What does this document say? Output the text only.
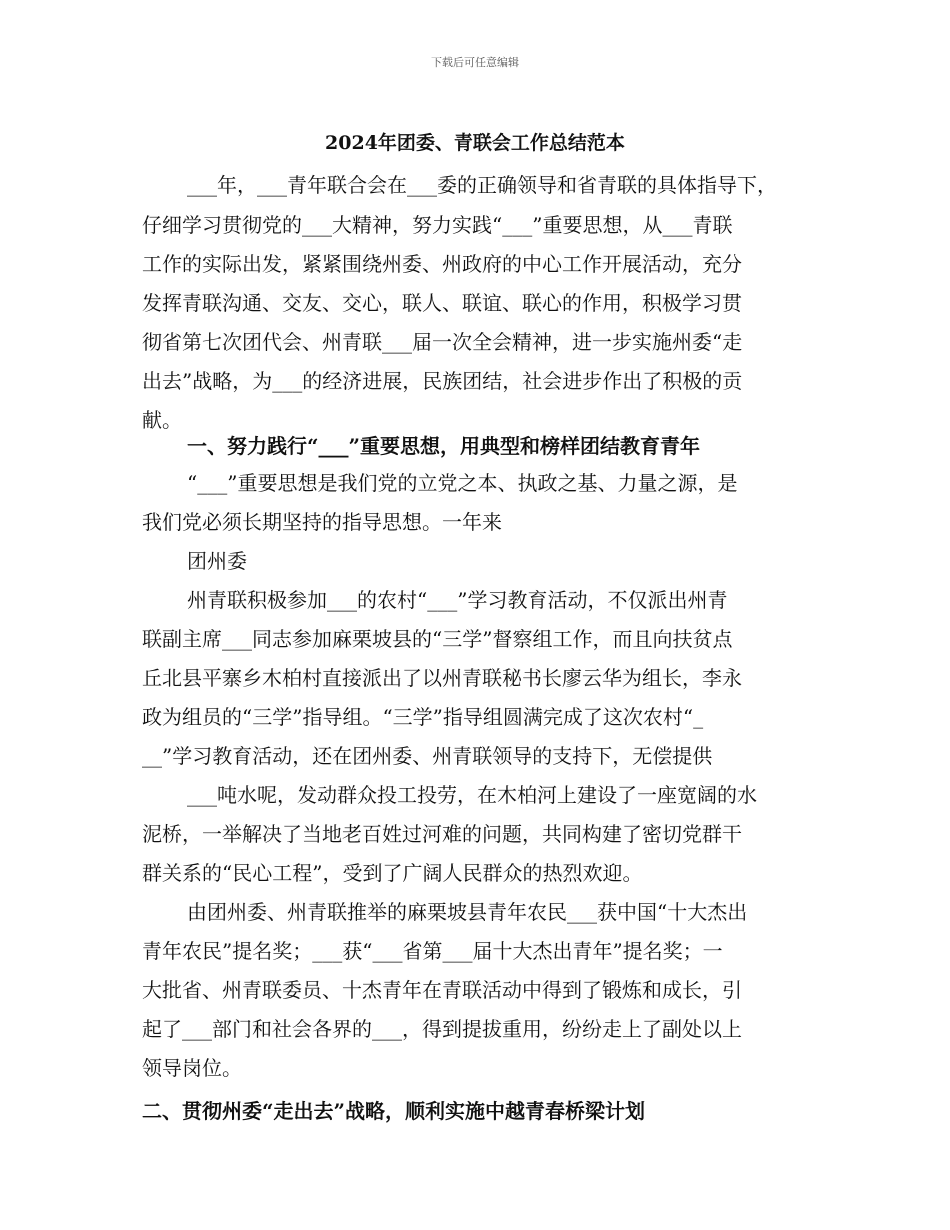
下载后可任意编辑
2024年团委、青联会工作总结范本
___年，___青年联合会在___委的正确领导和省青联的具体指导下，
仔细学习贯彻党的___大精神，努力实践“___”重要思想，从___青联
工作的实际出发，紧紧围绕州委、州政府的中心工作开展活动，充分
发挥青联沟通、交友、交心，联人、联谊、联心的作用，积极学习贯
彻省第七次团代会、州青联___届一次全会精神，进一步实施州委“走
出去”战略，为___的经济进展，民族团结，社会进步作出了积极的贡
献。
一、努力践行“___”重要思想，用典型和榜样团结教育青年
“___”重要思想是我们党的立党之本、执政之基、力量之源，是
我们党必须长期坚持的指导思想。一年来
团州委
州青联积极参加___的农村“___”学习教育活动，不仅派出州青
联副主席___同志参加麻栗坡县的“三学”督察组工作，而且向扶贫点
丘北县平寨乡木柏村直接派出了以州青联秘书长廖云华为组长，李永
政为组员的“三学”指导组。“三学”指导组圆满完成了这次农村“_
__”学习教育活动，还在团州委、州青联领导的支持下，无偿提供
___吨水呢，发动群众投工投劳，在木柏河上建设了一座宽阔的水
泥桥，一举解决了当地老百姓过河难的问题，共同构建了密切党群干
群关系的“民心工程”，受到了广阔人民群众的热烈欢迎。
由团州委、州青联推举的麻栗坡县青年农民___获中国“十大杰出
青年农民”提名奖；___获“___省第___届十大杰出青年”提名奖；一
大批省、州青联委员、十杰青年在青联活动中得到了锻炼和成长，引
起了___部门和社会各界的___，得到提拔重用，纷纷走上了副处以上
领导岗位。
二、贯彻州委“走出去”战略，顺利实施中越青春桥梁计划
